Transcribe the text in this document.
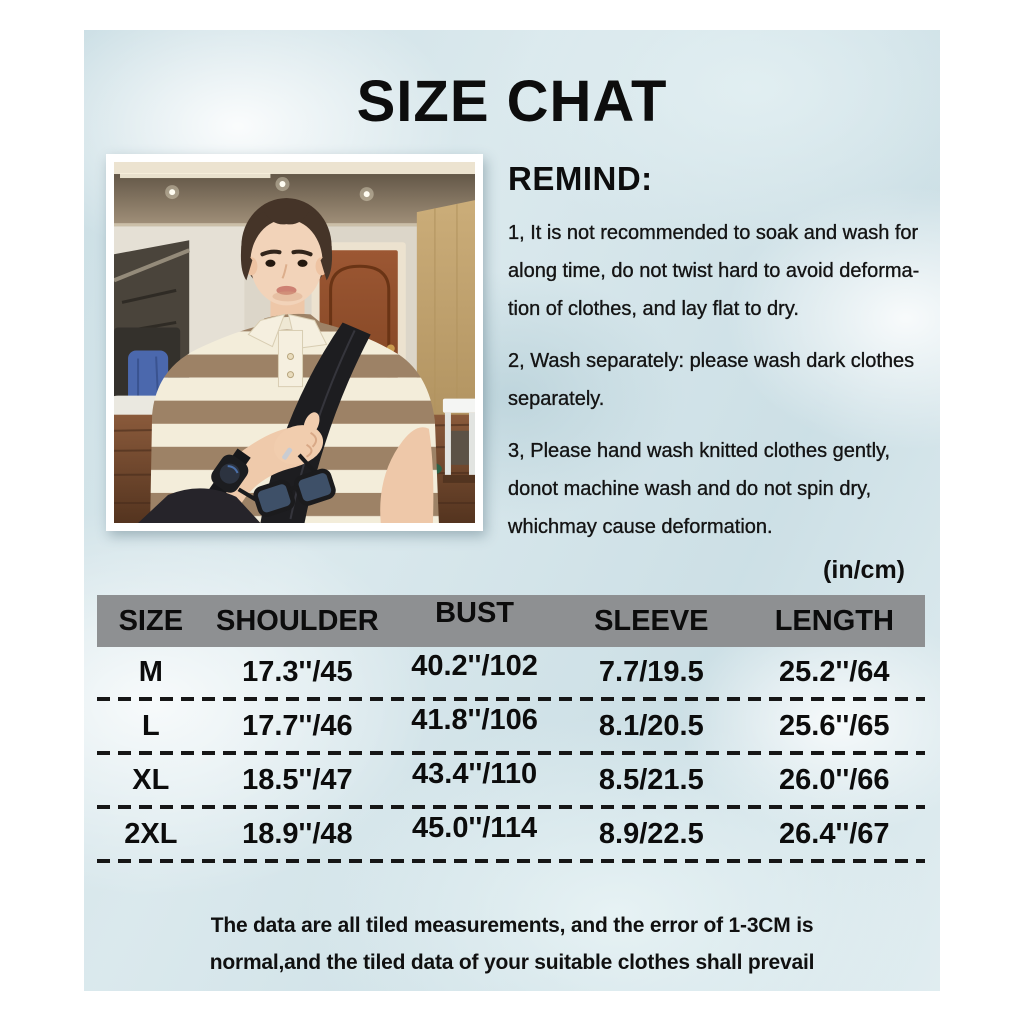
SIZE CHAT
REMIND:

1, It is not recommended to soak and wash for along time, do not twist hard to avoid deforma-tion of clothes, and lay flat to dry.

2, Wash separately: please wash dark clothes separately.

3, Please hand wash knitted clothes gently, donot machine wash and do not spin dry, whichmay cause deformation.

(in/cm)
SIZE	SHOULDER	BUST	SLEEVE	LENGTH
M	17.3''/45	40.2''/102	7.7/19.5	25.2''/64
L	17.7''/46	41.8''/106	8.1/20.5	25.6''/65
XL	18.5''/47	43.4''/110	8.5/21.5	26.0''/66
2XL	18.9''/48	45.0''/114	8.9/22.5	26.4''/67
The data are all tiled measurements, and the error of 1-3CM is
normal,and the tiled data of your suitable clothes shall prevail
